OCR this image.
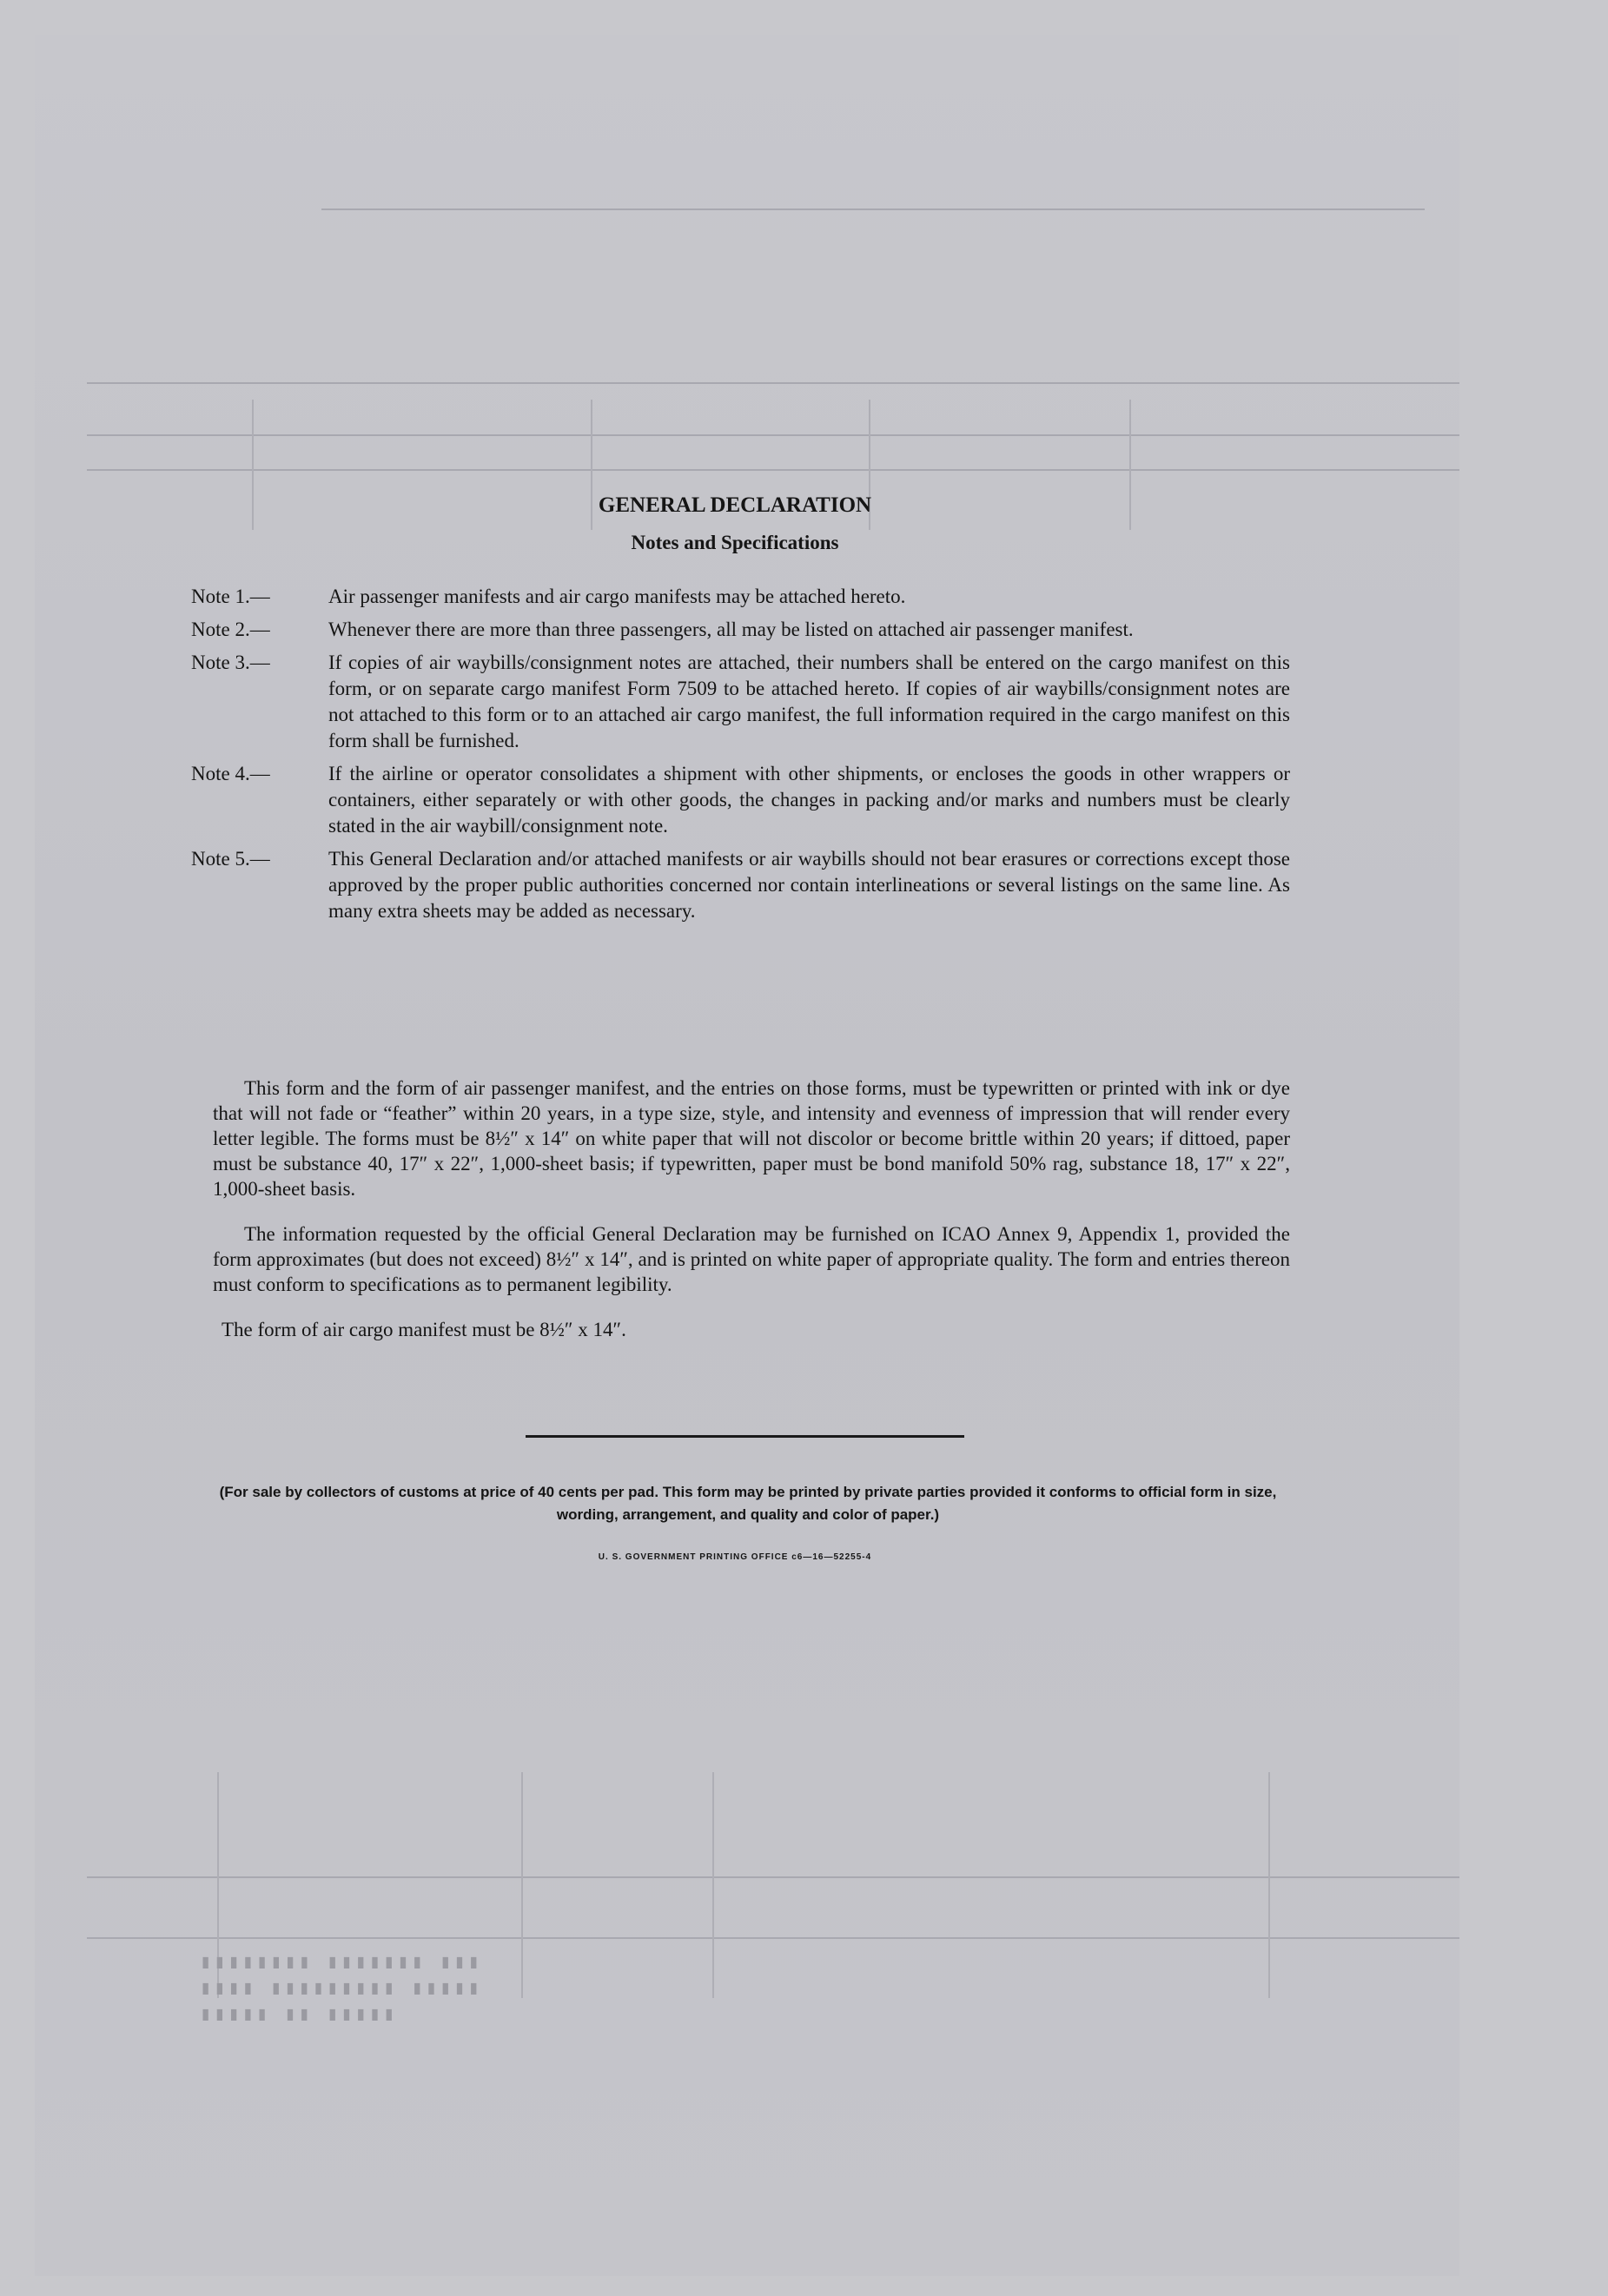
▮▮▮▮▮▮▮▮ ▮▮▮▮▮▮▮ ▮▮▮
▮▮▮▮ ▮▮▮▮▮▮▮▮▮ ▮▮▮▮▮
▮▮▮▮▮ ▮▮ ▮▮▮▮▮
GENERAL DECLARATION
Notes and Specifications
Note 1.—	Air passenger manifests and air cargo manifests may be attached hereto.
Note 2.—	Whenever there are more than three passengers, all may be listed on attached air passenger manifest.
Note 3.—	If copies of air waybills/consignment notes are attached, their numbers shall be entered on the cargo manifest on this form, or on separate cargo manifest Form 7509 to be attached hereto. If copies of air waybills/consignment notes are not attached to this form or to an attached air cargo manifest, the full information required in the cargo manifest on this form shall be furnished.
Note 4.—	If the airline or operator consolidates a shipment with other shipments, or encloses the goods in other wrappers or containers, either separately or with other goods, the changes in packing and/or marks and numbers must be clearly stated in the air waybill/consignment note.
Note 5.—	This General Declaration and/or attached manifests or air waybills should not bear erasures or corrections except those approved by the proper public authorities concerned nor contain interlineations or several listings on the same line. As many extra sheets may be added as necessary.

This form and the form of air passenger manifest, and the entries on those forms, must be typewritten or printed with ink or dye that will not fade or “feather” within 20 years, in a type size, style, and intensity and evenness of impression that will render every letter legible. The forms must be 8½″ x 14″ on white paper that will not discolor or become brittle within 20 years; if dittoed, paper must be substance 40, 17″ x 22″, 1,000-sheet basis; if typewritten, paper must be bond manifold 50% rag, substance 18, 17″ x 22″, 1,000-sheet basis.

The information requested by the official General Declaration may be furnished on ICAO Annex 9, Appendix 1, provided the form approximates (but does not exceed) 8½″ x 14″, and is printed on white paper of appropriate quality. The form and entries thereon must conform to specifications as to permanent legibility.

The form of air cargo manifest must be 8½″ x 14″.

(For sale by collectors of customs at price of 40 cents per pad. This form may be printed by private parties provided it conforms to official form in size, wording, arrangement, and quality and color of paper.)
U. S. GOVERNMENT PRINTING OFFICE c6—16—52255-4
